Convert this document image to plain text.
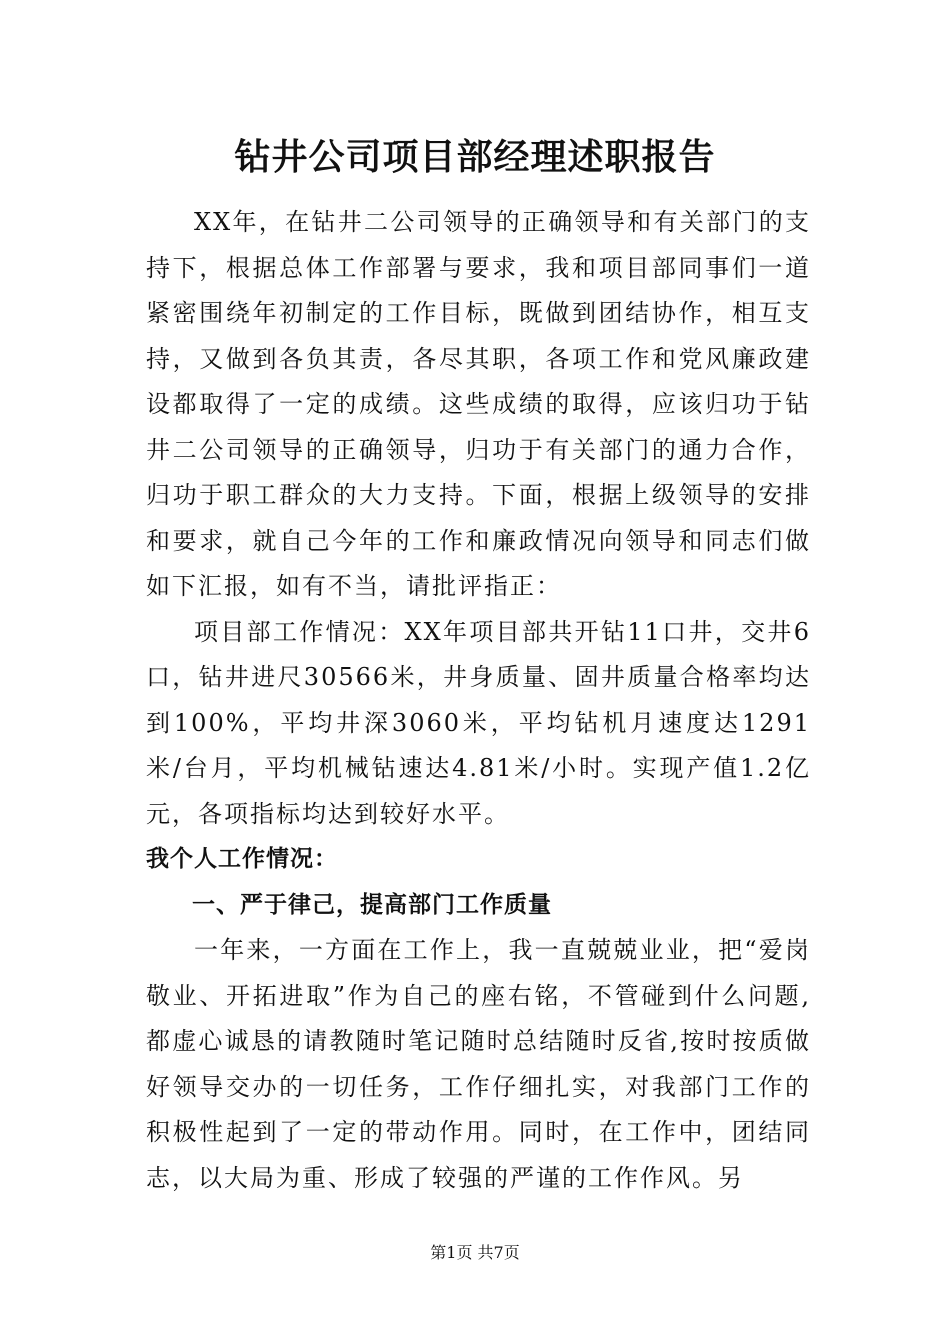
钻井公司项目部经理述职报告

XX年，在钻井二公司领导的正确领导和有关部门的支持下，根据总体工作部署与要求，我和项目部同事们一道紧密围绕年初制定的工作目标，既做到团结协作，相互支持，又做到各负其责，各尽其职，各项工作和党风廉政建设都取得了一定的成绩。这些成绩的取得，应该归功于钻井二公司领导的正确领导，归功于有关部门的通力合作，归功于职工群众的大力支持。下面，根据上级领导的安排和要求，就自己今年的工作和廉政情况向领导和同志们做如下汇报，如有不当，请批评指正：

项目部工作情况：XX年项目部共开钻11口井，交井6口，钻井进尺30566米，井身质量、固井质量合格率均达到100%，平均井深3060米，平均钻机月速度达1291米/台月，平均机械钻速达4.81米/小时。实现产值1.2亿元，各项指标均达到较好水平。

我个人工作情况：
一、严于律己，提高部门工作质量

一年来，一方面在工作上，我一直兢兢业业，把“爱岗敬业、开拓进取”作为自己的座右铭，不管碰到什么问题,都虚心诚恳的请教随时笔记随时总结随时反省,按时按质做好领导交办的一切任务，工作仔细扎实，对我部门工作的积极性起到了一定的带动作用。同时，在工作中，团结同志，以大局为重、形成了较强的严谨的工作作风。另

第1页 共7页
